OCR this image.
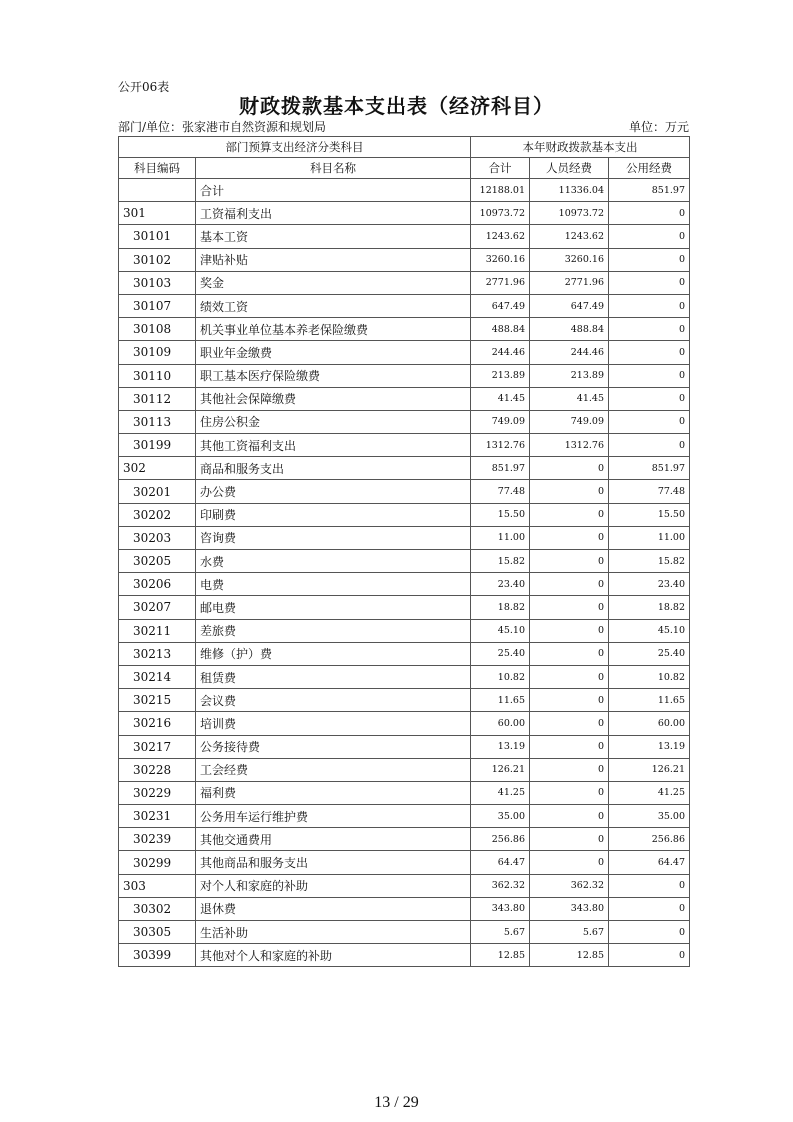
公开06表
财政拨款基本支出表（经济科目）
部门/单位：张家港市自然资源和规划局	单位：万元
部门预算支出经济分类科目		本年财政拨款基本支出		
科目编码	科目名称	合计	人员经费	公用经费
	合计	12188.01	11336.04	851.97
301	工资福利支出	10973.72	10973.72	0
30101	基本工资	1243.62	1243.62	0
30102	津贴补贴	3260.16	3260.16	0
30103	奖金	2771.96	2771.96	0
30107	绩效工资	647.49	647.49	0
30108	机关事业单位基本养老保险缴费	488.84	488.84	0
30109	职业年金缴费	244.46	244.46	0
30110	职工基本医疗保险缴费	213.89	213.89	0
30112	其他社会保障缴费	41.45	41.45	0
30113	住房公积金	749.09	749.09	0
30199	其他工资福利支出	1312.76	1312.76	0
302	商品和服务支出	851.97	0	851.97
30201	办公费	77.48	0	77.48
30202	印刷费	15.50	0	15.50
30203	咨询费	11.00	0	11.00
30205	水费	15.82	0	15.82
30206	电费	23.40	0	23.40
30207	邮电费	18.82	0	18.82
30211	差旅费	45.10	0	45.10
30213	维修（护）费	25.40	0	25.40
30214	租赁费	10.82	0	10.82
30215	会议费	11.65	0	11.65
30216	培训费	60.00	0	60.00
30217	公务接待费	13.19	0	13.19
30228	工会经费	126.21	0	126.21
30229	福利费	41.25	0	41.25
30231	公务用车运行维护费	35.00	0	35.00
30239	其他交通费用	256.86	0	256.86
30299	其他商品和服务支出	64.47	0	64.47
303	对个人和家庭的补助	362.32	362.32	0
30302	退休费	343.80	343.80	0
30305	生活补助	5.67	5.67	0
30399	其他对个人和家庭的补助	12.85	12.85	0
13 / 29
